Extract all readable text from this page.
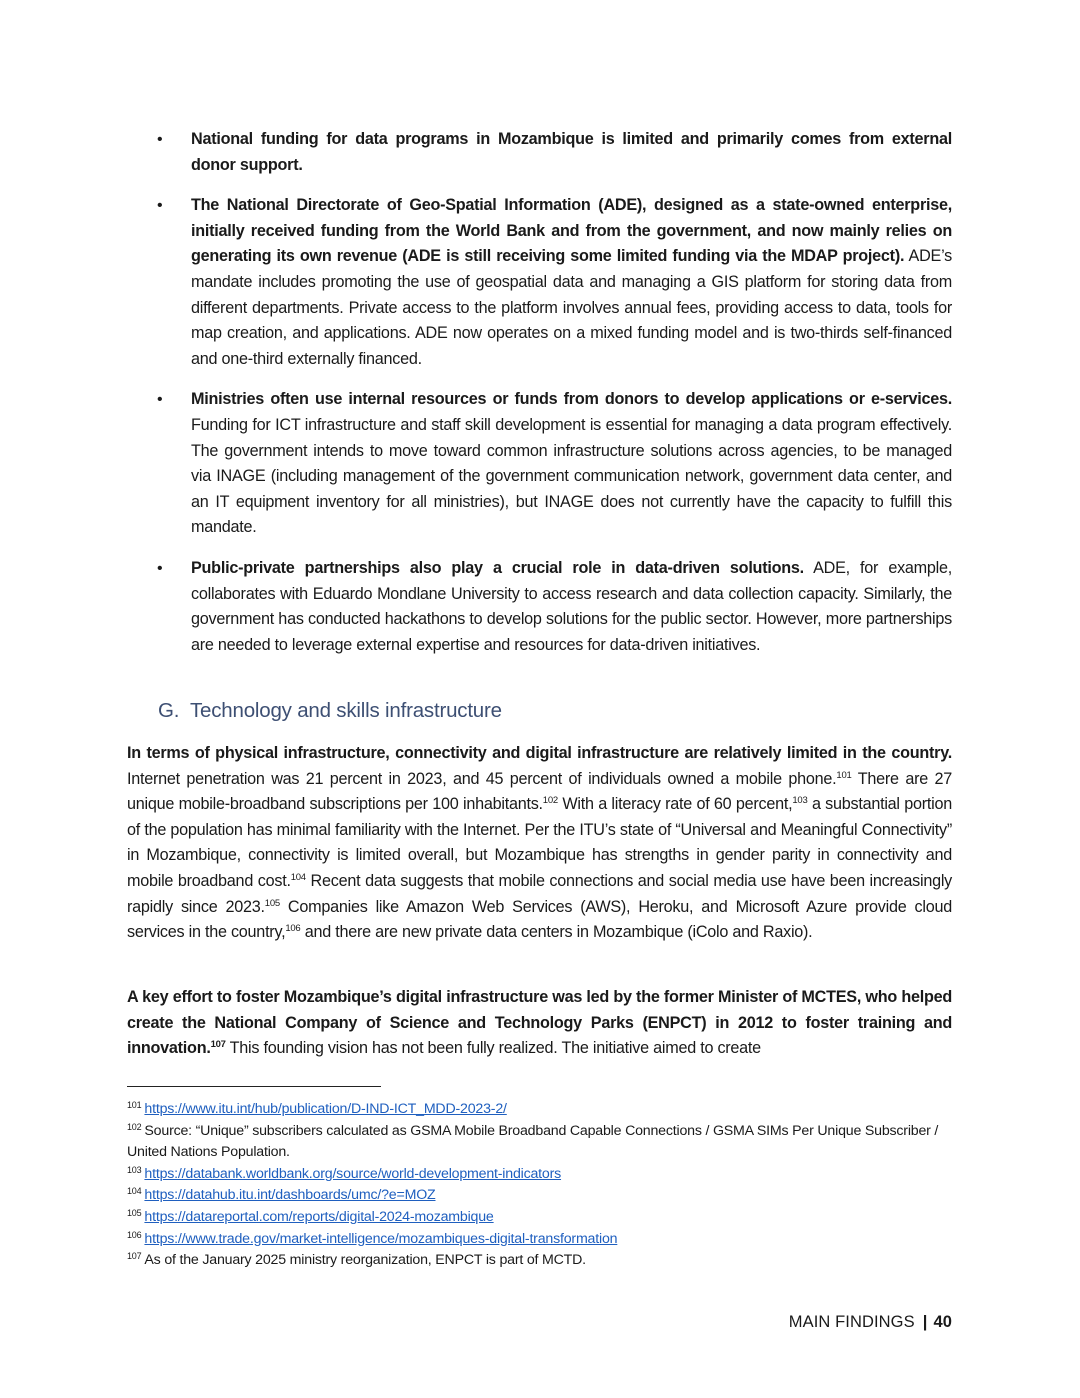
• National funding for data programs in Mozambique is limited and primarily comes from external donor support.
• The National Directorate of Geo-Spatial Information (ADE), designed as a state-owned enterprise, initially received funding from the World Bank and from the government, and now mainly relies on generating its own revenue (ADE is still receiving some limited funding via the MDAP project). ADE’s mandate includes promoting the use of geospatial data and managing a GIS platform for storing data from different departments. Private access to the platform involves annual fees, providing access to data, tools for map creation, and applications. ADE now operates on a mixed funding model and is two-thirds self-financed and one-third externally financed.
• Ministries often use internal resources or funds from donors to develop applications or e-services. Funding for ICT infrastructure and staff skill development is essential for managing a data program effectively. The government intends to move toward common infrastructure solutions across agencies, to be managed via INAGE (including management of the government communication network, government data center, and an IT equipment inventory for all ministries), but INAGE does not currently have the capacity to fulfill this mandate.
• Public-private partnerships also play a crucial role in data-driven solutions. ADE, for example, collaborates with Eduardo Mondlane University to access research and data collection capacity. Similarly, the government has conducted hackathons to develop solutions for the public sector. However, more partnerships are needed to leverage external expertise and resources for data-driven initiatives.
G. Technology and skills infrastructure

In terms of physical infrastructure, connectivity and digital infrastructure are relatively limited in the country. Internet penetration was 21 percent in 2023, and 45 percent of individuals owned a mobile phone.$^{101}$ There are 27 unique mobile-broadband subscriptions per 100 inhabitants.$^{102}$ With a literacy rate of 60 percent,$^{103}$ a substantial portion of the population has minimal familiarity with the Internet. Per the ITU’s state of “Universal and Meaningful Connectivity” in Mozambique, connectivity is limited overall, but Mozambique has strengths in gender parity in connectivity and mobile broadband cost.$^{104}$ Recent data suggests that mobile connections and social media use have been increasingly rapidly since 2023.$^{105}$ Companies like Amazon Web Services (AWS), Heroku, and Microsoft Azure provide cloud services in the country,$^{106}$ and there are new private data centers in Mozambique (iColo and Raxio).

A key effort to foster Mozambique’s digital infrastructure was led by the former Minister of MCTES, who helped create the National Company of Science and Technology Parks (ENPCT) in 2012 to foster training and innovation.$^{107}$ This founding vision has not been fully realized. The initiative aimed to create

$^{101}$ https://www.itu.int/hub/publication/D-IND-ICT_MDD-2023-2/
$^{102}$ Source: “Unique” subscribers calculated as GSMA Mobile Broadband Capable Connections / GSMA SIMs Per Unique Subscriber / United Nations Population.
$^{103}$ https://databank.worldbank.org/source/world-development-indicators
$^{104}$ https://datahub.itu.int/dashboards/umc/?e=MOZ
$^{105}$ https://datareportal.com/reports/digital-2024-mozambique
$^{106}$ https://www.trade.gov/market-intelligence/mozambiques-digital-transformation
$^{107}$ As of the January 2025 ministry reorganization, ENPCT is part of MCTD.
MAIN FINDINGS | 40
